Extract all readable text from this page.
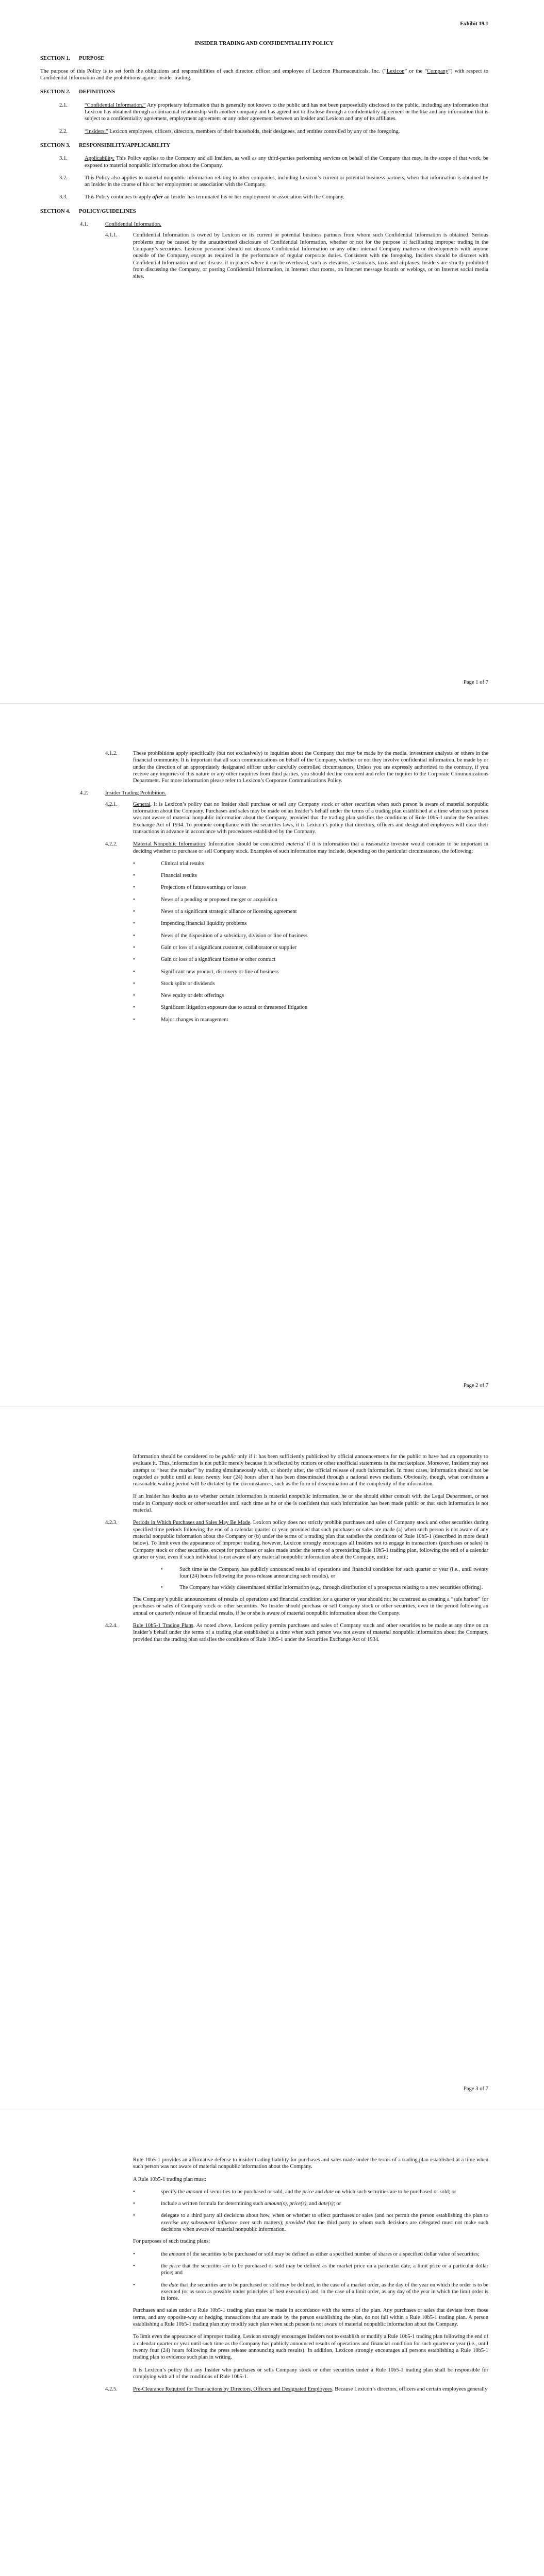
Exhibit 19.1
INSIDER TRADING AND CONFIDENTIALITY POLICY
SECTION 1.	PURPOSE

The purpose of this Policy is to set forth the obligations and responsibilities of each director, officer and employee of Lexicon Pharmaceuticals, Inc. (“Lexicon” or the “Company”) with respect to Confidential Information and the prohibitions against insider trading.

SECTION 2.	DEFINITIONS
2.1.	“Confidential Information.” Any proprietary information that is generally not known to the public and has not been purposefully disclosed to the public, including any information that Lexicon has obtained through a contractual relationship with another company and has agreed not to disclose through a confidentiality agreement or the like and any information that is subject to a confidentiality agreement, employment agreement or any other agreement between an Insider and Lexicon and any of its affiliates.
2.2.	“Insiders.” Lexicon employees, officers, directors, members of their households, their designees, and entities controlled by any of the foregoing.
SECTION 3.	RESPONSIBILITY/APPLICABILITY
3.1.	Applicability. This Policy applies to the Company and all Insiders, as well as any third-parties performing services on behalf of the Company that may, in the scope of that work, be exposed to material nonpublic information about the Company.
3.2.	This Policy also applies to material nonpublic information relating to other companies, including Lexicon’s current or potential business partners, when that information is obtained by an Insider in the course of his or her employment or association with the Company.
3.3.	This Policy continues to apply after an Insider has terminated his or her employment or association with the Company.
SECTION 4.	POLICY/GUIDELINES
4.1.	Confidential Information.
4.1.1.	Confidential Information is owned by Lexicon or its current or potential business partners from whom such Confidential Information is obtained. Serious problems may be caused by the unauthorized disclosure of Confidential Information, whether or not for the purpose of facilitating improper trading in the Company’s securities. Lexicon personnel should not discuss Confidential Information or any other internal Company matters or developments with anyone outside of the Company, except as required in the performance of regular corporate duties. Consistent with the foregoing, Insiders should be discreet with Confidential Information and not discuss it in places where it can be overheard, such as elevators, restaurants, taxis and airplanes. Insiders are strictly prohibited from discussing the Company, or posting Confidential Information, in Internet chat rooms, on Internet message boards or weblogs, or on Internet social media sites.
Page 1 of 7
4.1.2.	These prohibitions apply specifically (but not exclusively) to inquiries about the Company that may be made by the media, investment analysts or others in the financial community. It is important that all such communications on behalf of the Company, whether or not they involve confidential information, be made by or under the direction of an appropriately designated officer under carefully controlled circumstances. Unless you are expressly authorized to the contrary, if you receive any inquiries of this nature or any other inquiries from third parties, you should decline comment and refer the inquirer to the Corporate Communications Department. For more information please refer to Lexicon’s Corporate Communications Policy.
4.2.	Insider Trading Prohibition.
4.2.1.	General. It is Lexicon’s policy that no Insider shall purchase or sell any Company stock or other securities when such person is aware of material nonpublic information about the Company. Purchases and sales may be made on an Insider’s behalf under the terms of a trading plan established at a time when such person was not aware of material nonpublic information about the Company, provided that the trading plan satisfies the conditions of Rule 10b5-1 under the Securities Exchange Act of 1934. To promote compliance with the securities laws, it is Lexicon’s policy that directors, officers and designated employees will clear their transactions in advance in accordance with procedures established by the Company.
4.2.2.	Material Nonpublic Information. Information should be considered material if it is information that a reasonable investor would consider to be important in deciding whether to purchase or sell Company stock. Examples of such information may include, depending on the particular circumstances, the following:
•	Clinical trial results
•	Financial results
•	Projections of future earnings or losses
•	News of a pending or proposed merger or acquisition
•	News of a significant strategic alliance or licensing agreement
•	Impending financial liquidity problems
•	News of the disposition of a subsidiary, division or line of business
•	Gain or loss of a significant customer, collaborator or supplier
•	Gain or loss of a significant license or other contract
•	Significant new product, discovery or line of business
•	Stock splits or dividends
•	New equity or debt offerings
•	Significant litigation exposure due to actual or threatened litigation
•	Major changes in management
Page 2 of 7

Information should be considered to be public only if it has been sufficiently publicized by official announcements for the public to have had an opportunity to evaluate it. Thus, information is not public merely because it is reflected by rumors or other unofficial statements in the marketplace. Moreover, Insiders may not attempt to “beat the market” by trading simultaneously with, or shortly after, the official release of such information. In most cases, information should not be regarded as public until at least twenty four (24) hours after it has been disseminated through a national news medium. Obviously, though, what constitutes a reasonable waiting period will be dictated by the circumstances, such as the form of dissemination and the complexity of the information.

If an Insider has doubts as to whether certain information is material nonpublic information, he or she should either consult with the Legal Department, or not trade in Company stock or other securities until such time as he or she is confident that such information has been made public or that such information is not material.

4.2.3.	Periods in Which Purchases and Sales May Be Made. Lexicon policy does not strictly prohibit purchases and sales of Company stock and other securities during specified time periods following the end of a calendar quarter or year, provided that such purchases or sales are made (a) when such person is not aware of any material nonpublic information about the Company or (b) under the terms of a trading plan that satisfies the conditions of Rule 10b5-1 (described in more detail below). To limit even the appearance of improper trading, however, Lexicon strongly encourages all Insiders not to engage in transactions (purchases or sales) in Company stock or other securities, except for purchases or sales made under the terms of a preexisting Rule 10b5-1 trading plan, following the end of a calendar quarter or year, even if such individual is not aware of any material nonpublic information about the Company, until:
•	Such time as the Company has publicly announced results of operations and financial condition for such quarter or year (i.e., until twenty four (24) hours following the press release announcing such results), or
•	The Company has widely disseminated similar information (e.g., through distribution of a prospectus relating to a new securities offering).

The Company’s public announcement of results of operations and financial condition for a quarter or year should not be construed as creating a “safe harbor” for purchases or sales of Company stock or other securities. No Insider should purchase or sell Company stock or other securities, even in the period following an annual or quarterly release of financial results, if he or she is aware of material nonpublic information about the Company.

4.2.4.	Rule 10b5-1 Trading Plans. As noted above, Lexicon policy permits purchases and sales of Company stock and other securities to be made at any time on an Insider’s behalf under the terms of a trading plan established at a time when such person was not aware of material nonpublic information about the Company, provided that the trading plan satisfies the conditions of Rule 10b5-1 under the Securities Exchange Act of 1934.
Page 3 of 7

Rule 10b5-1 provides an affirmative defense to insider trading liability for purchases and sales made under the terms of a trading plan established at a time when such person was not aware of material nonpublic information about the Company.

A Rule 10b5-1 trading plan must:

•	specify the amount of securities to be purchased or sold, and the price and date on which such securities are to be purchased or sold; or
•	include a written formula for determining such amount(s), price(s), and date(s); or
•	delegate to a third party all decisions about how, when or whether to effect purchases or sales (and not permit the person establishing the plan to exercise any subsequent influence over such matters); provided that the third party to whom such decisions are delegated must not make such decisions when aware of material nonpublic information.

For purposes of such trading plans:

•	the amount of the securities to be purchased or sold may be defined as either a specified number of shares or a specified dollar value of securities;
•	the price that the securities are to be purchased or sold may be defined as the market price on a particular date, a limit price or a particular dollar price; and
•	the date that the securities are to be purchased or sold may be defined, in the case of a market order, as the day of the year on which the order is to be executed (or as soon as possible under principles of best execution) and, in the case of a limit order, as any day of the year in which the limit order is in force.

Purchases and sales under a Rule 10b5-1 trading plan must be made in accordance with the terms of the plan. Any purchases or sales that deviate from those terms, and any opposite-way or hedging transactions that are made by the person establishing the plan, do not fall within a Rule 10b5-1 trading plan. A person establishing a Rule 10b5-1 trading plan may modify such plan when such person is not aware of material nonpublic information about the Company.

To limit even the appearance of improper trading, Lexicon strongly encourages Insiders not to establish or modify a Rule 10b5-1 trading plan following the end of a calendar quarter or year until such time as the Company has publicly announced results of operations and financial condition for such quarter or year (i.e., until twenty four (24) hours following the press release announcing such results). In addition, Lexicon strongly encourages all persons establishing a Rule 10b5-1 trading plan to evidence such plan in writing.

It is Lexicon’s policy that any Insider who purchases or sells Company stock or other securities under a Rule 10b5-1 trading plan shall be responsible for complying with all of the conditions of Rule 10b5-1.

4.2.5.	Pre-Clearance Required for Transactions by Directors, Officers and Designated Employees. Because Lexicon’s directors, officers and certain employees generally
